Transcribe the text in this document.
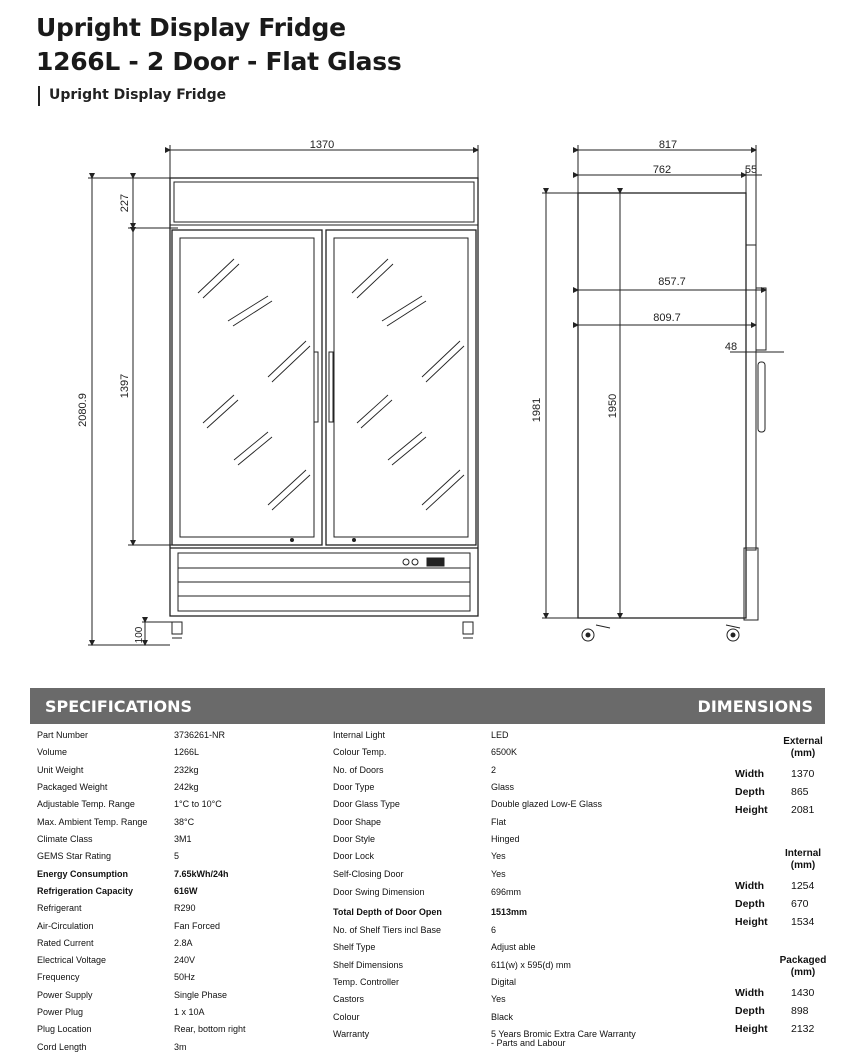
Upright Display Fridge
1266L - 2 Door - Flat Glass
Upright Display Fridge
1370
227
1397
2080.9
100
817
762	55
857.7
809.7
48
1981	1950
SPECIFICATIONS	DIMENSIONS
Part Number	3736261-NR
Volume	1266L
Unit Weight	232kg
Packaged Weight	242kg
Adjustable Temp. Range	1°C to 10°C
Max. Ambient Temp. Range	38°C
Climate Class	3M1
GEMS Star Rating	5
Energy Consumption	7.65kWh/24h
Refrigeration Capacity	616W
Refrigerant	R290
Air-Circulation	Fan Forced
Rated Current	2.8A
Electrical Voltage	240V
Frequency	50Hz
Power Supply	Single Phase
Power Plug	1 x 10A
Plug Location	Rear, bottom right
Cord Length	3m
Internal Light	LED
Colour Temp.	6500K
No. of Doors	2
Door Type	Glass
Door Glass Type	Double glazed Low-E Glass
Door Shape	Flat
Door Style	Hinged
Door Lock	Yes
Self-Closing Door	Yes
Door Swing Dimension	696mm
Total Depth of Door Open	1513mm
No. of Shelf Tiers incl Base	6
Shelf Type	Adjust able
Shelf Dimensions	611(w) x 595(d) mm
Temp. Controller	Digital
Castors	Yes
Colour	Black
Warranty	5 Years Bromic Extra Care Warranty
- Parts and Labour
External
(mm)
Width	1370
Depth	865
Height 2081
Internal
(mm)
Width	1254
Depth	670
Height 1534
Packaged
(mm)
Width	1430
Depth	898
Height 2132
